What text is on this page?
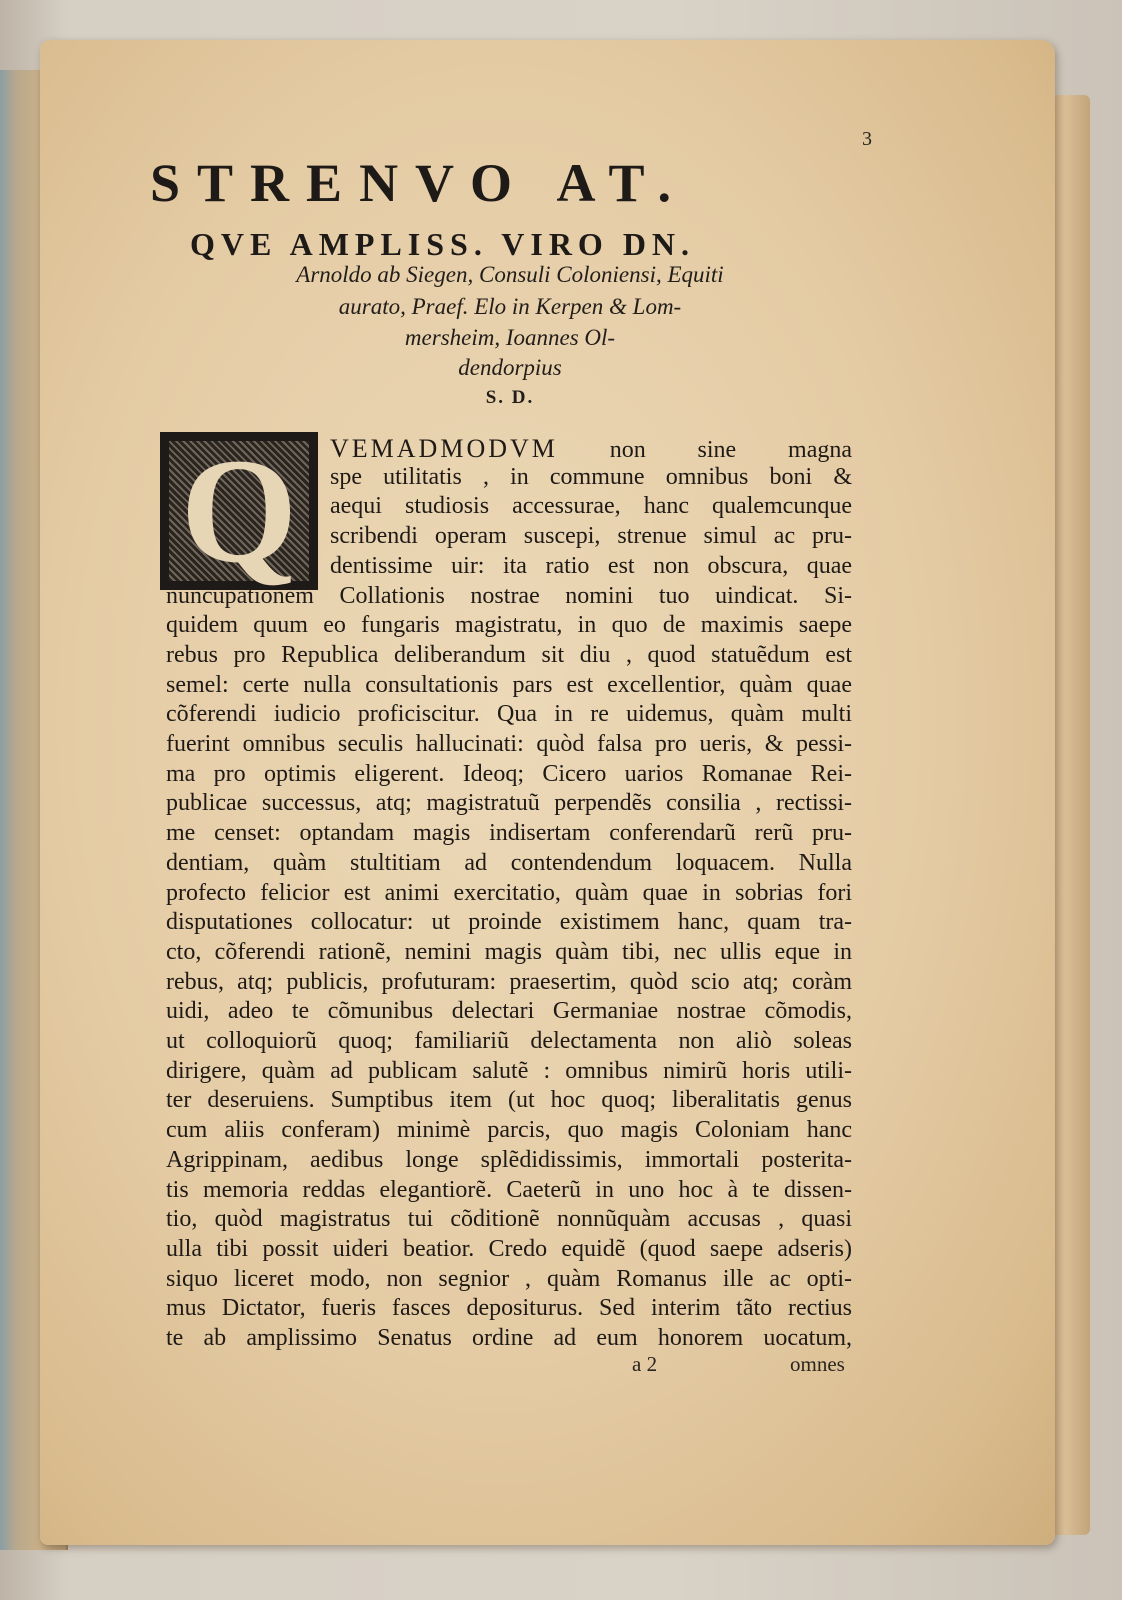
3
STRENVO AT.
QVE AMPLISS. VIRO DN.
Arnoldo ab Siegen, Consuli Coloniensi, Equiti
aurato, Praef. Elo in Kerpen & Lom-
mersheim, Ioannes Ol-
dendorpius
S. D.
Q	VEMADMODVM non sine magna
spe utilitatis , in commune omnibus boni &
aequi studiosis accessurae, hanc qualemcunque
scribendi operam suscepi, strenue simul ac pru-
dentissime uir: ita ratio est non obscura, quae
nuncupationem Collationis nostrae nomini tuo uindicat. Si-
quidem quum eo fungaris magistratu, in quo de maximis saepe
rebus pro Republica deliberandum sit diu , quod statuẽdum est
semel: certe nulla consultationis pars est excellentior, quàm quae
cõferendi iudicio proficiscitur. Qua in re uidemus, quàm multi
fuerint omnibus seculis hallucinati: quòd falsa pro ueris, & pessi-
ma pro optimis eligerent. Ideoq; Cicero uarios Romanae Rei-
publicae successus, atq; magistratuũ perpendẽs consilia , rectissi-
me censet: optandam magis indisertam conferendarũ rerũ pru-
dentiam, quàm stultitiam ad contendendum loquacem. Nulla
profecto felicior est animi exercitatio, quàm quae in sobrias fori
disputationes collocatur: ut proinde existimem hanc, quam tra-
cto, cõferendi rationẽ, nemini magis quàm tibi, nec ullis eque in
rebus, atq; publicis, profuturam: praesertim, quòd scio atq; coràm
uidi, adeo te cõmunibus delectari Germaniae nostrae cõmodis,
ut colloquiorũ quoq; familiariũ delectamenta non aliò soleas
dirigere, quàm ad publicam salutẽ : omnibus nimirũ horis utili-
ter deseruiens. Sumptibus item (ut hoc quoq; liberalitatis genus
cum aliis conferam) minimè parcis, quo magis Coloniam hanc
Agrippinam, aedibus longe splẽdidissimis, immortali posterita-
tis memoria reddas elegantiorẽ. Caeterũ in uno hoc à te dissen-
tio, quòd magistratus tui cõditionẽ nonnũquàm accusas , quasi
ulla tibi possit uideri beatior. Credo equidẽ (quod saepe adseris)
siquo liceret modo, non segnior , quàm Romanus ille ac opti-
mus Dictator, fueris fasces depositurus. Sed interim tãto rectius
te ab amplissimo Senatus ordine ad eum honorem uocatum,
a 2	omnes
